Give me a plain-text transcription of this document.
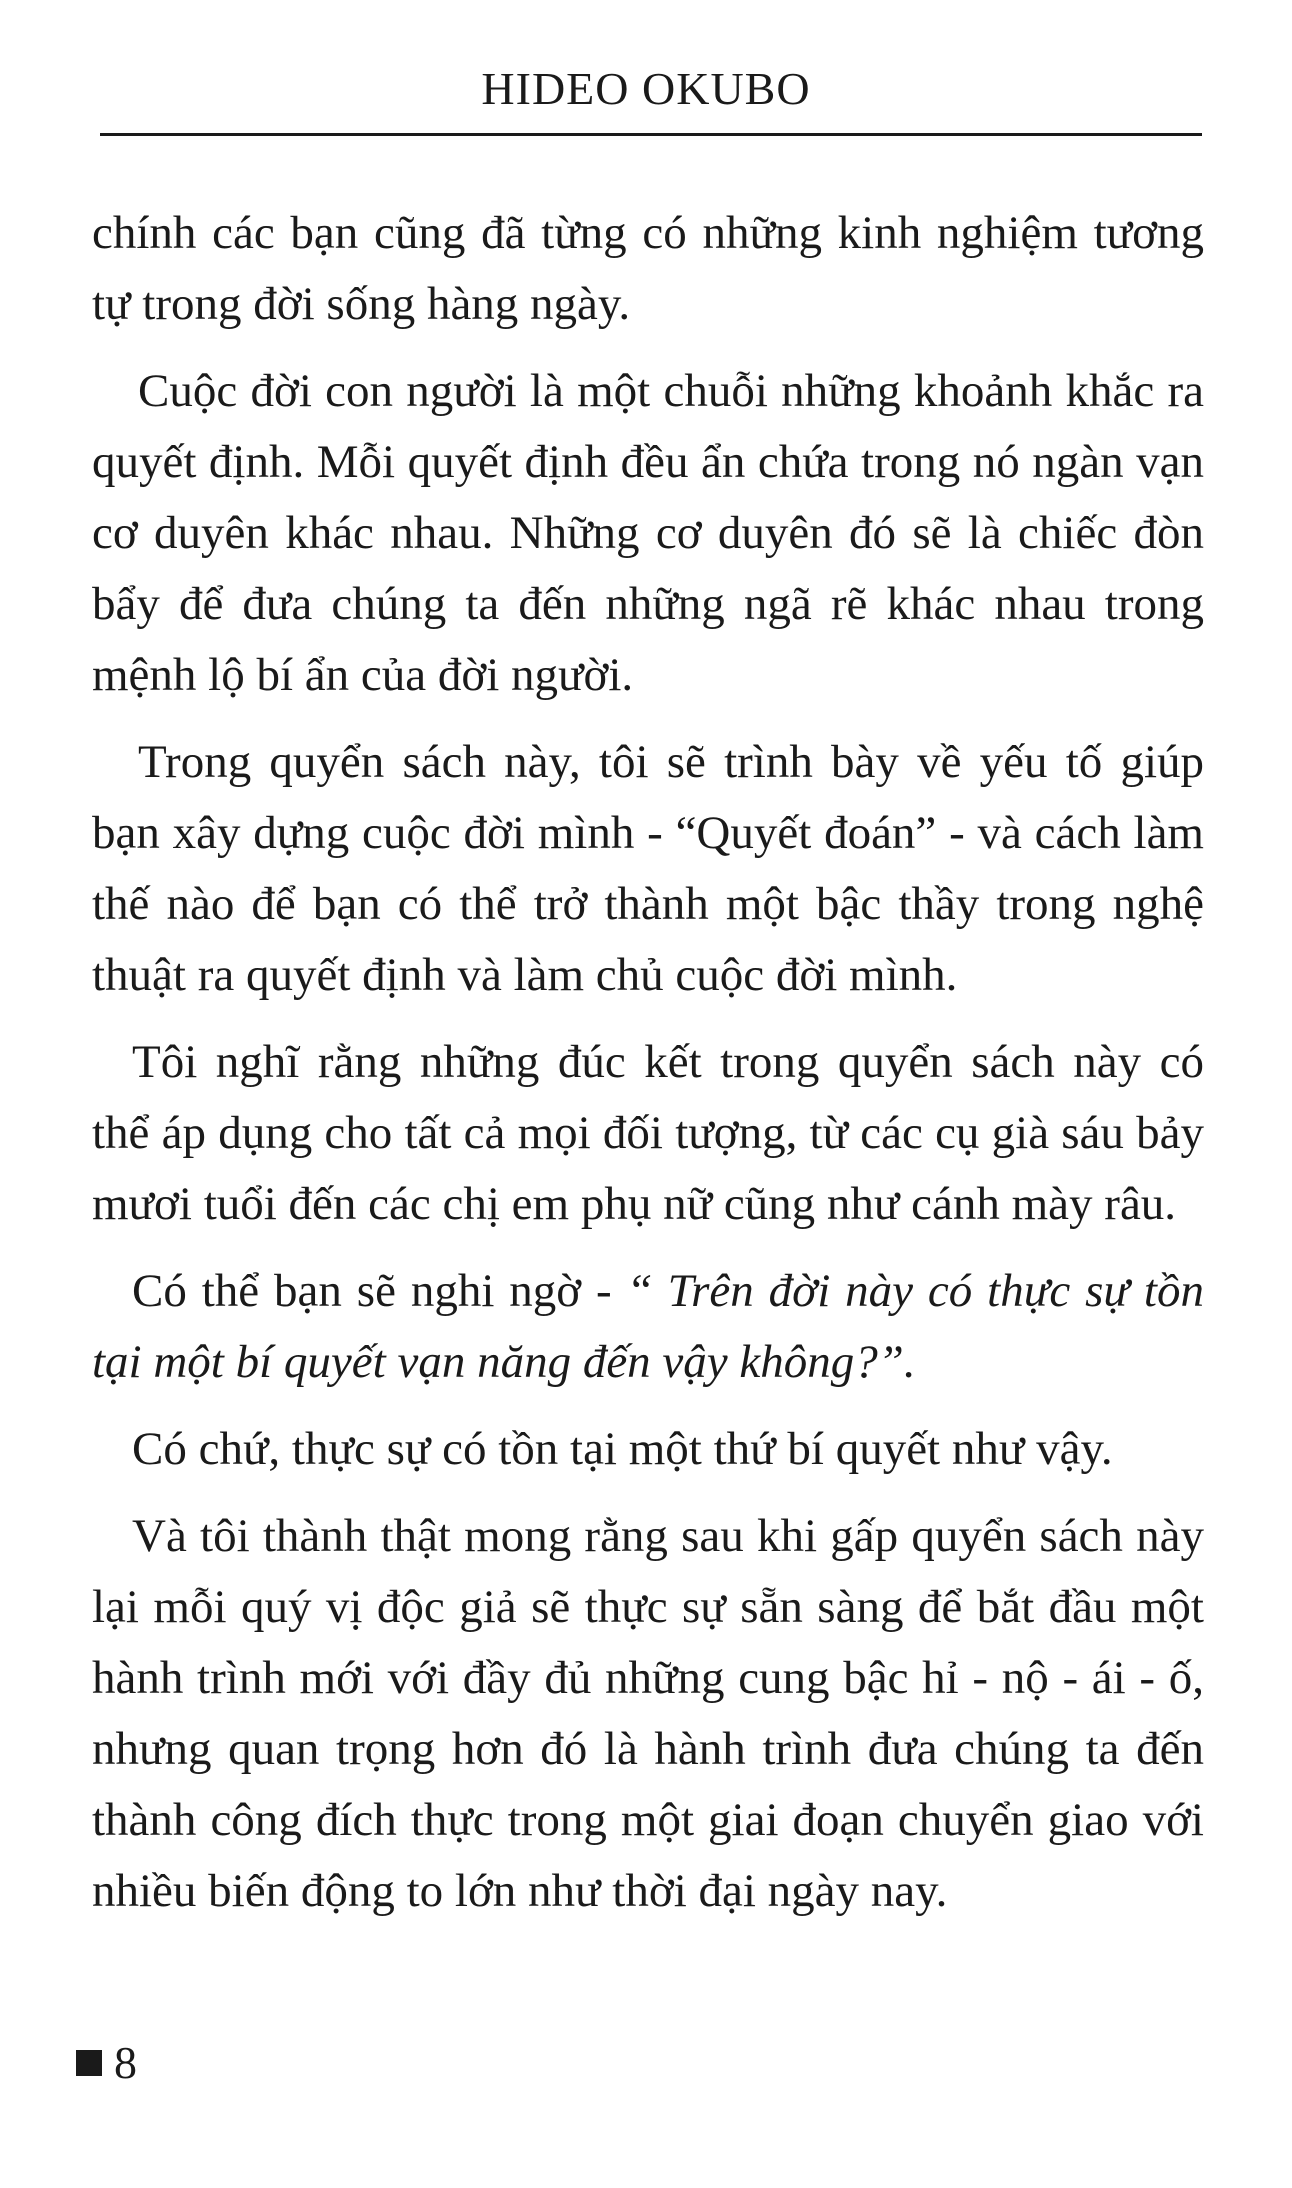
HIDEO OKUBO

chính các bạn cũng đã từng có những kinh nghiệm tương tự trong đời sống hàng ngày.

Cuộc đời con người là một chuỗi những khoảnh khắc ra quyết định. Mỗi quyết định đều ẩn chứa trong nó ngàn vạn cơ duyên khác nhau. Những cơ duyên đó sẽ là chiếc đòn bẩy để đưa chúng ta đến những ngã rẽ khác nhau trong mệnh lộ bí ẩn của đời người.

Trong quyển sách này, tôi sẽ trình bày về yếu tố giúp bạn xây dựng cuộc đời mình - “Quyết đoán” - và cách làm thế nào để bạn có thể trở thành một bậc thầy trong nghệ thuật ra quyết định và làm chủ cuộc đời mình.

Tôi nghĩ rằng những đúc kết trong quyển sách này có thể áp dụng cho tất cả mọi đối tượng, từ các cụ già sáu bảy mươi tuổi đến các chị em phụ nữ cũng như cánh mày râu.

Có thể bạn sẽ nghi ngờ - “ Trên đời này có thực sự tồn tại một bí quyết vạn năng đến vậy không?”.

Có chứ, thực sự có tồn tại một thứ bí quyết như vậy.

Và tôi thành thật mong rằng sau khi gấp quyển sách này lại mỗi quý vị độc giả sẽ thực sự sẵn sàng để bắt đầu một hành trình mới với đầy đủ những cung bậc hỉ - nộ - ái - ố, nhưng quan trọng hơn đó là hành trình đưa chúng ta đến thành công đích thực trong một giai đoạn chuyển giao với nhiều biến động to lớn như thời đại ngày nay.

8
